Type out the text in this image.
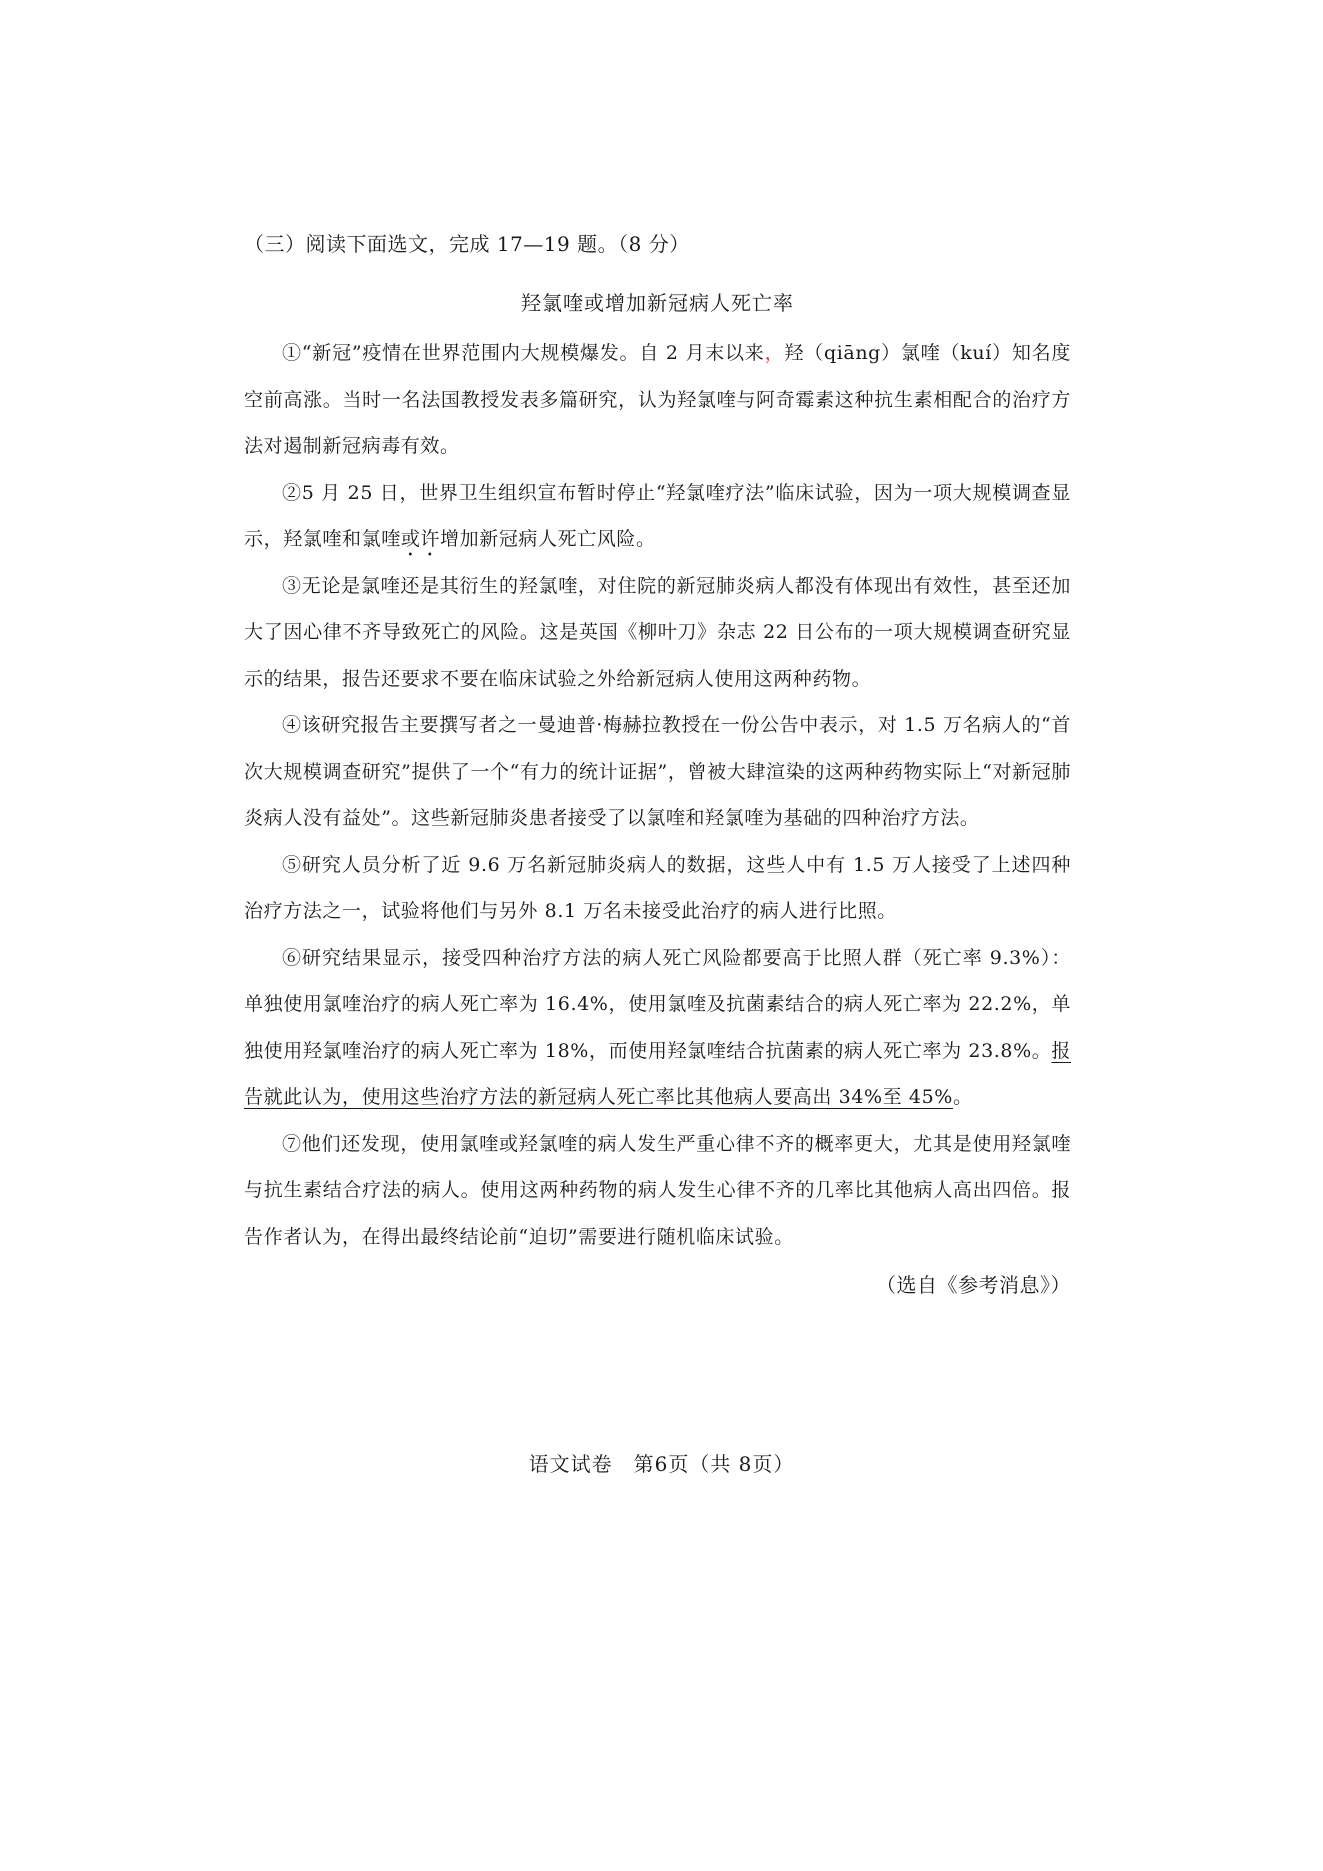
（三）阅读下面选文，完成 17—19 题。（8 分）
羟氯喹或增加新冠病人死亡率

①“新冠”疫情在世界范围内大规模爆发。自 2 月末以来，羟（qiāng）氯喹（kuí）知名度空前高涨。当时一名法国教授发表多篇研究，认为羟氯喹与阿奇霉素这种抗生素相配合的治疗方法对遏制新冠病毒有效。

②5 月 25 日，世界卫生组织宣布暂时停止“羟氯喹疗法”临床试验，因为一项大规模调查显示，羟氯喹和氯喹或许增加新冠病人死亡风险。

③无论是氯喹还是其衍生的羟氯喹，对住院的新冠肺炎病人都没有体现出有效性，甚至还加大了因心律不齐导致死亡的风险。这是英国《柳叶刀》杂志 22 日公布的一项大规模调查研究显示的结果，报告还要求不要在临床试验之外给新冠病人使用这两种药物。

④该研究报告主要撰写者之一曼迪普·梅赫拉教授在一份公告中表示，对 1.5 万名病人的“首次大规模调查研究”提供了一个“有力的统计证据”，曾被大肆渲染的这两种药物实际上“对新冠肺炎病人没有益处”。这些新冠肺炎患者接受了以氯喹和羟氯喹为基础的四种治疗方法。

⑤研究人员分析了近 9.6 万名新冠肺炎病人的数据，这些人中有 1.5 万人接受了上述四种治疗方法之一，试验将他们与另外 8.1 万名未接受此治疗的病人进行比照。

⑥研究结果显示，接受四种治疗方法的病人死亡风险都要高于比照人群（死亡率 9.3%）：单独使用氯喹治疗的病人死亡率为 16.4%，使用氯喹及抗菌素结合的病人死亡率为 22.2%，单独使用羟氯喹治疗的病人死亡率为 18%，而使用羟氯喹结合抗菌素的病人死亡率为 23.8%。报告就此认为，使用这些治疗方法的新冠病人死亡率比其他病人要高出 34%至 45%。

⑦他们还发现，使用氯喹或羟氯喹的病人发生严重心律不齐的概率更大，尤其是使用羟氯喹与抗生素结合疗法的病人。使用这两种药物的病人发生心律不齐的几率比其他病人高出四倍。报告作者认为，在得出最终结论前“迫切”需要进行随机临床试验。

（选自《参考消息》）
语文试卷　第6页（共 8页）
